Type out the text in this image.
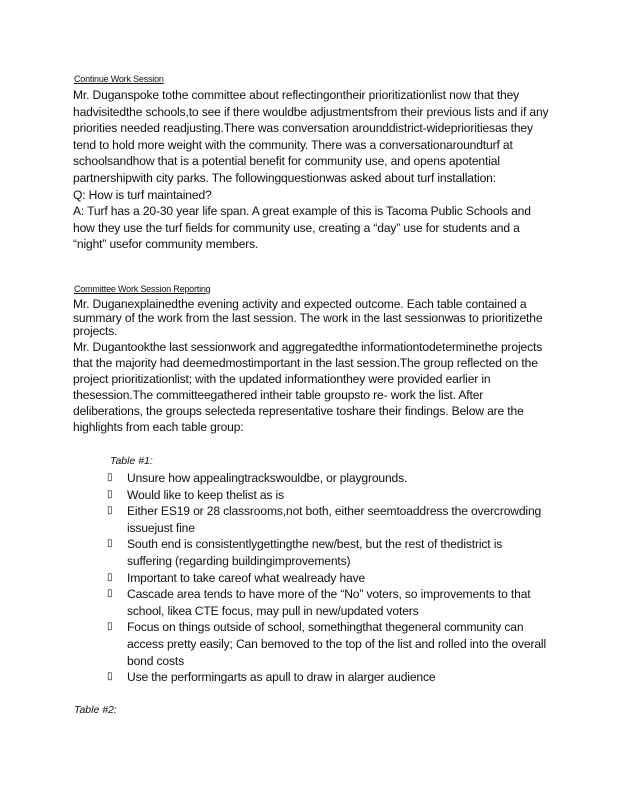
Continue Work Session

Mr. Duganspoke tothe committee about reflectingontheir prioritizationlist now that they hadvisitedthe schools,to see if there wouldbe adjustmentsfrom their previous lists and if any priorities needed readjusting.There was conversation arounddistrict-wideprioritiesas they tend to hold more weight with the community. There was a conversationaroundturf at schoolsandhow that is a potential benefit for community use, and opens apotential partnershipwith city parks. The followingquestionwas asked about turf installation:

Q: How is turf maintained?

A: Turf has a 20-30 year life span. A great example of this is Tacoma Public Schools and how they use the turf fields for community use, creating a “day” use for students and a “night” usefor community members.

Committee Work Session Reporting

Mr. Duganexplainedthe evening activity and expected outcome. Each table contained a summary of the work from the last session. The work in the last sessionwas to prioritizethe projects.

Mr. Dugantookthe last sessionwork and aggregatedthe informationtodeterminethe projects that the majority had deemedmostimportant in the last session.The group reflected on the project prioritizationlist; with the updated informationthey were provided earlier in thesession.The committeegathered intheir table groupsto re- work the list. After deliberations, the groups selecteda representative toshare their findings. Below are the highlights from each table group:

Table #1:
▯ Unsure how appealingtrackswouldbe, or playgrounds.
▯ Would like to keep thelist as is
▯ Either ES19 or 28 classrooms,not both, either seemtoaddress the overcrowding issuejust fine
▯ South end is consistentlygettingthe new/best, but the rest of thedistrict is suffering (regarding buildingimprovements)
▯ Important to take careof what wealready have
▯ Cascade area tends to have more of the “No” voters, so improvements to that school, likea CTE focus, may pull in new/updated voters
▯ Focus on things outside of school, somethingthat thegeneral community can access pretty easily; Can bemoved to the top of the list and rolled into the overall bond costs
▯ Use the performingarts as apull to draw in alarger audience
Table #2:
